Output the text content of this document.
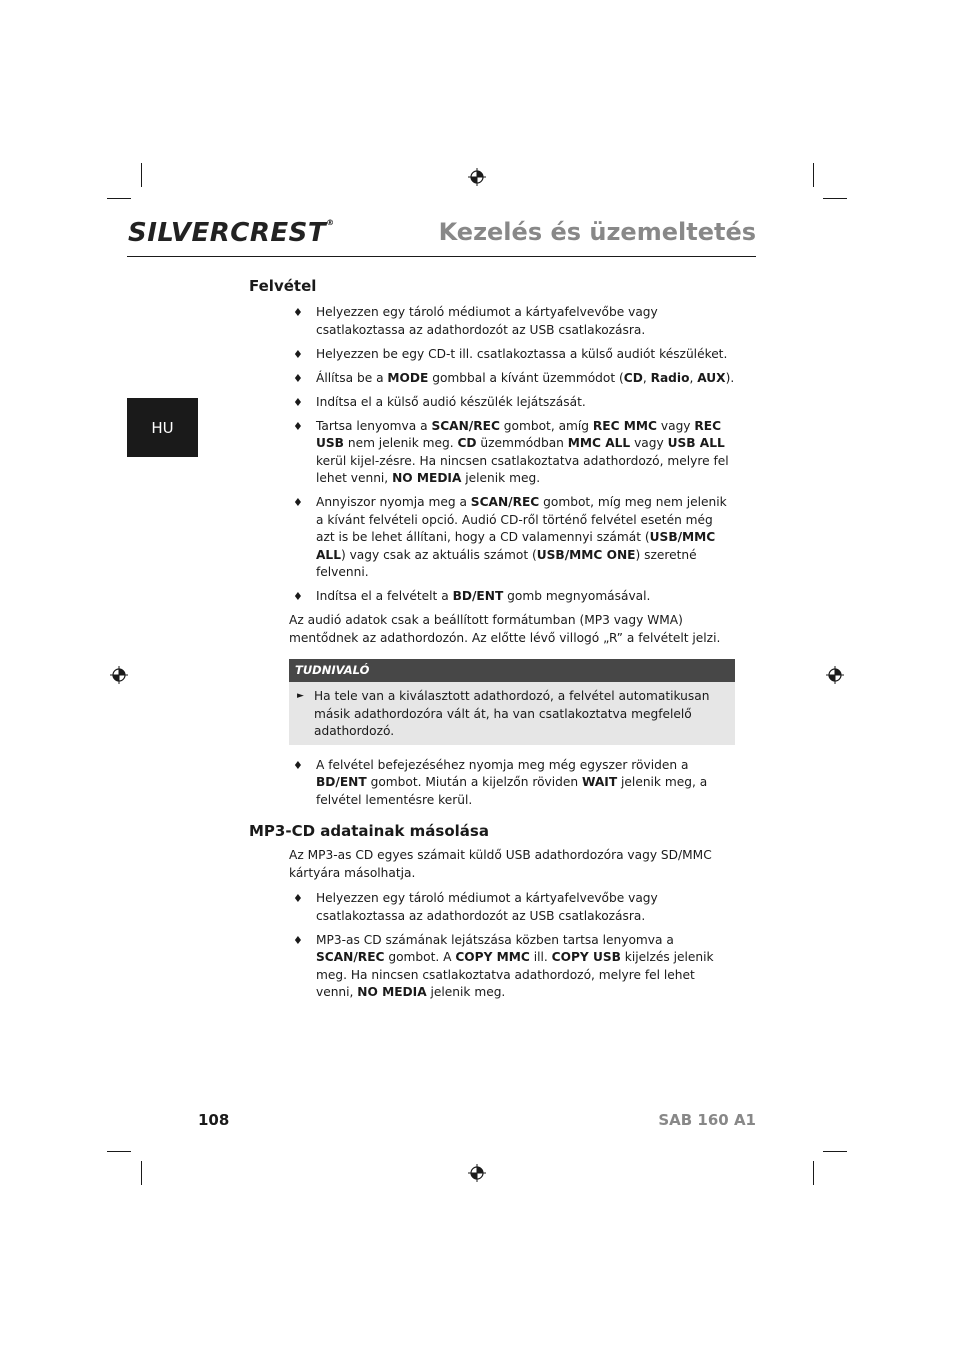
SILVERCREST®	Kezelés és üzemeltetés
HU
Felvétel
♦ Helyezzen egy tároló médiumot a kártyafelvevőbe vagy csatlakoztassa az adathordozót az USB csatlakozásra.
♦ Helyezzen be egy CD-t ill. csatlakoztassa a külső audiót készüléket.
♦ Állítsa be a MODE gombbal a kívánt üzemmódot (CD, Radio, AUX).
♦ Indítsa el a külső audió készülék lejátszását.
♦ Tartsa lenyomva a SCAN/REC gombot, amíg REC MMC vagy REC USB nem jelenik meg. CD üzemmódban MMC ALL vagy USB ALL kerül kijel-zésre. Ha nincsen csatlakoztatva adathordozó, melyre fel lehet venni, NO MEDIA jelenik meg.
♦ Annyiszor nyomja meg a SCAN/REC gombot, míg meg nem jelenik a kívánt felvételi opció. Audió CD-ről történő felvétel esetén még azt is be lehet állítani, hogy a CD valamennyi számát (USB/MMC ALL) vagy csak az aktuális számot (USB/MMC ONE) szeretné felvenni.
♦ Indítsa el a felvételt a BD/ENT gomb megnyomásával.

Az audió adatok csak a beállított formátumban (MP3 vagy WMA) mentődnek az adathordozón. Az előtte lévő villogó „R” a felvételt jelzi.

TUDNIVALÓ
► Ha tele van a kiválasztott adathordozó, a felvétel automatikusan másik adathordozóra vált át, ha van csatlakoztatva megfelelő adathordozó.
♦ A felvétel befejezéséhez nyomja meg még egyszer röviden a BD/ENT gombot. Miután a kijelzőn röviden WAIT jelenik meg, a felvétel lementésre kerül.
MP3-CD adatainak másolása

Az MP3-as CD egyes számait küldő USB adathordozóra vagy SD/MMC kártyára másolhatja.

♦ Helyezzen egy tároló médiumot a kártyafelvevőbe vagy csatlakoztassa az adathordozót az USB csatlakozásra.
♦ MP3-as CD számának lejátszása közben tartsa lenyomva a SCAN/REC gombot. A COPY MMC ill. COPY USB kijelzés jelenik meg. Ha nincsen csatlakoztatva adathordozó, melyre fel lehet venni, NO MEDIA jelenik meg.
108	SAB 160 A1
